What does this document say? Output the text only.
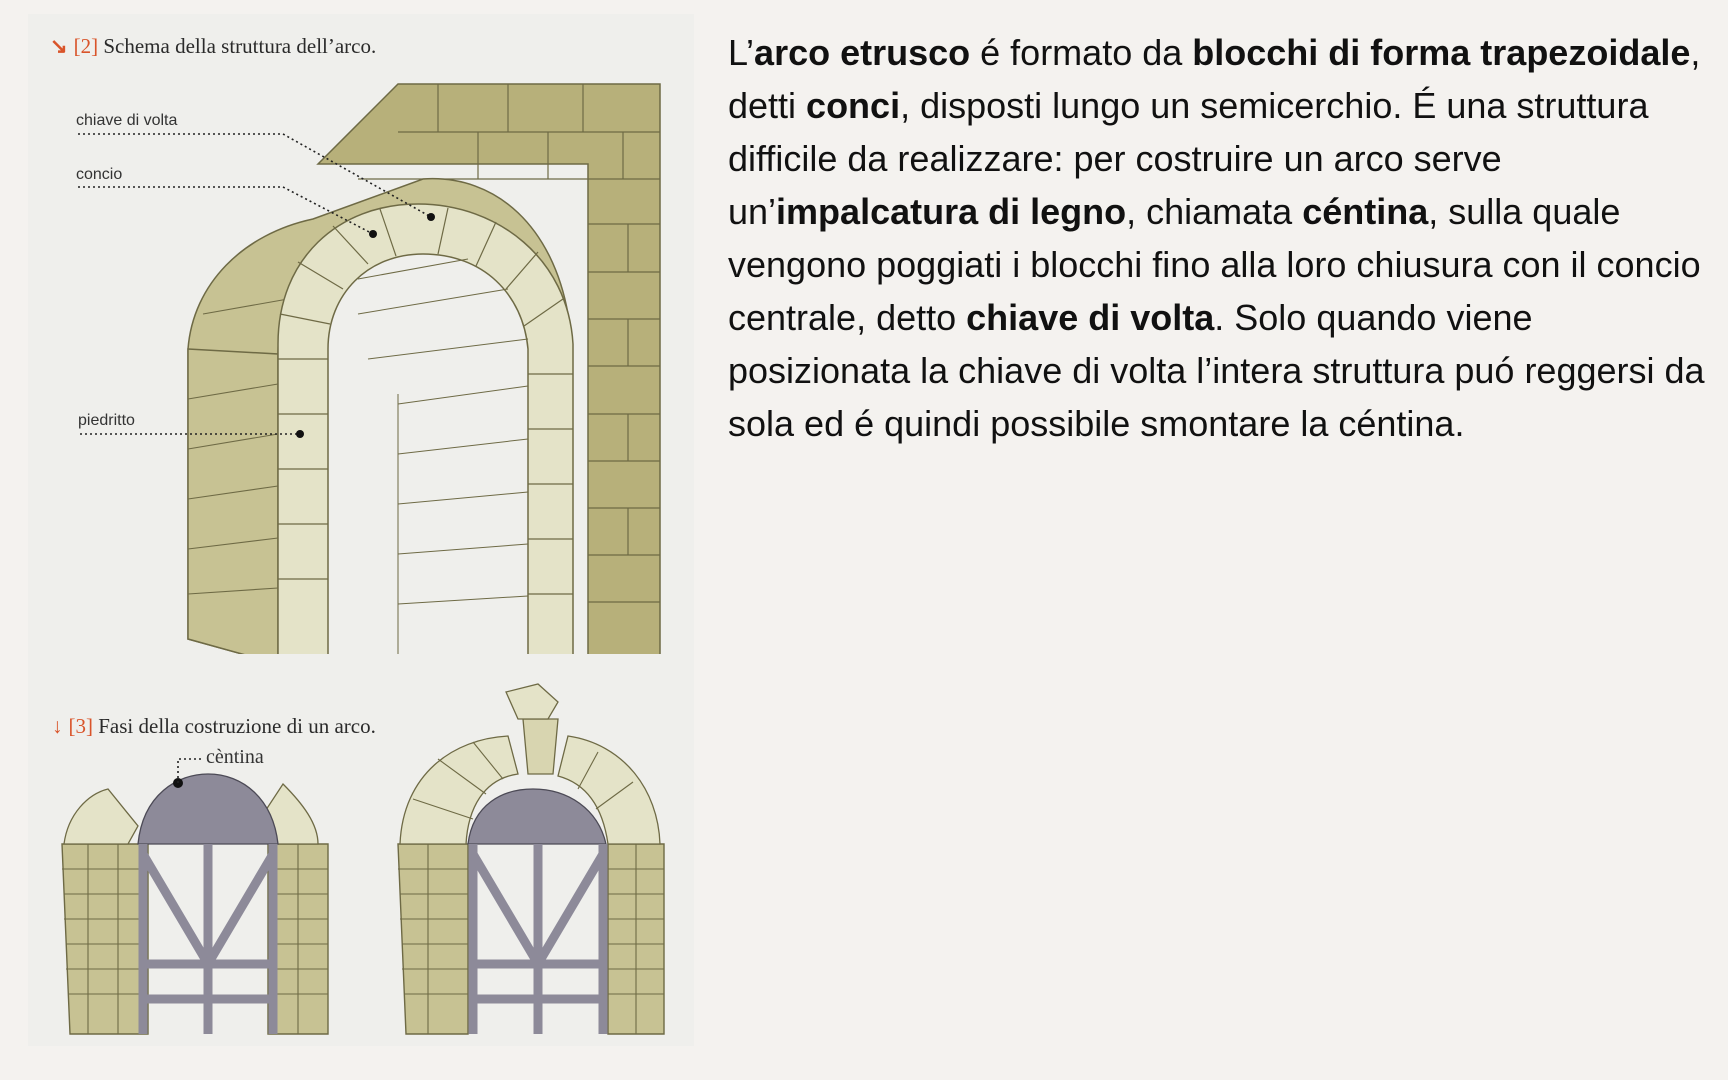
↘ [2] Schema della struttura dell’arco.
chiave di volta
concio
piedritto
↓ [3] Fasi della costruzione di un arco.
cèntina
L’arco etrusco é formato da blocchi di forma trapezoidale, detti conci, disposti lungo un semicerchio. É una struttura difficile da realizzare: per costruire un arco serve un’impalcatura di legno, chiamata céntina, sulla quale vengono poggiati i blocchi fino alla loro chiusura con il concio centrale, detto chiave di volta. Solo quando viene posizionata la chiave di volta l’intera struttura puó reggersi da sola ed é quindi possibile smontare la céntina.
